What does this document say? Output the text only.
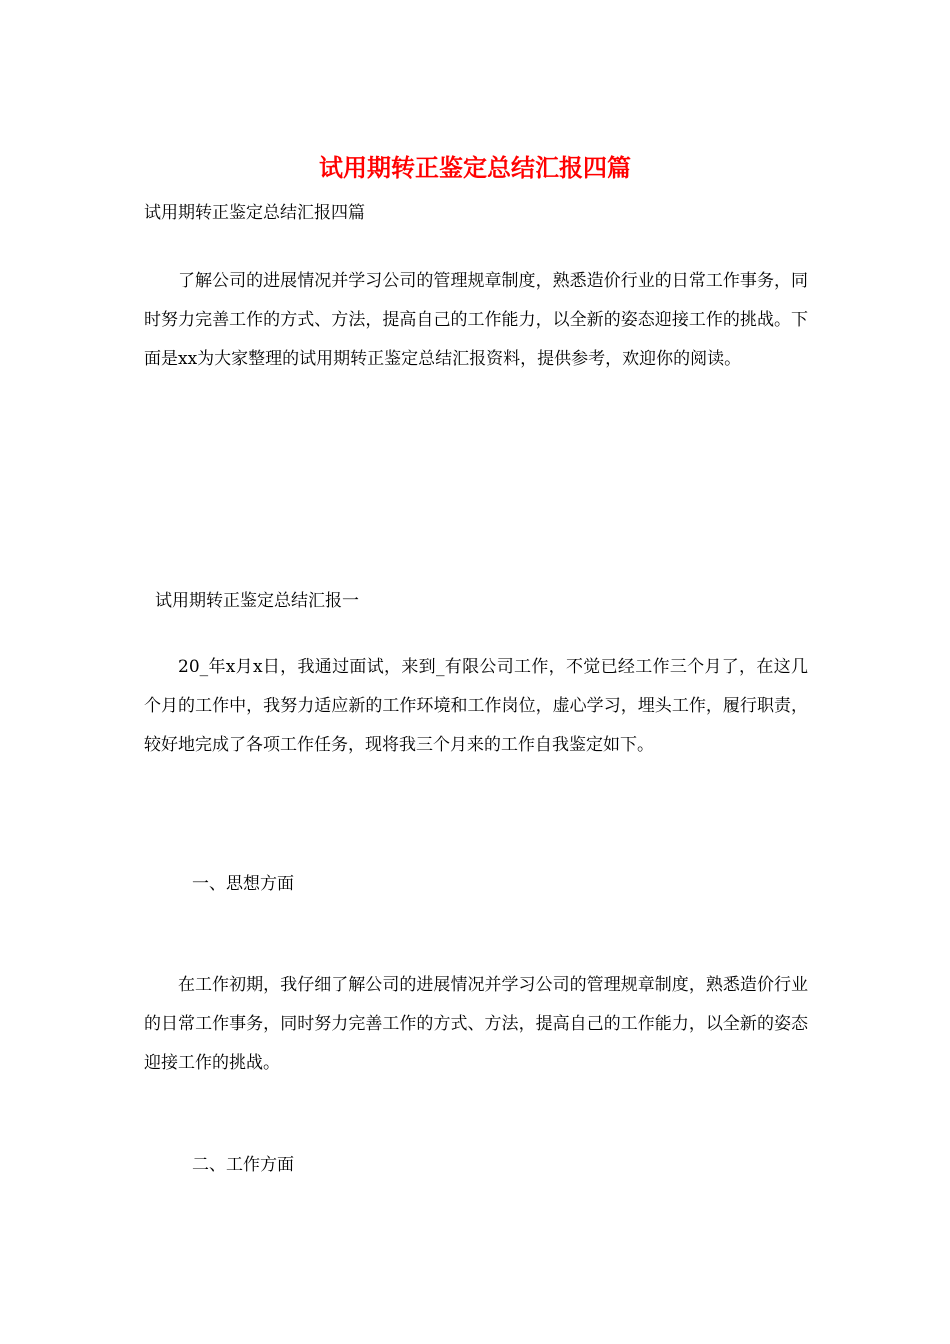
试用期转正鉴定总结汇报四篇

试用期转正鉴定总结汇报四篇

了解公司的进展情况并学习公司的管理规章制度，熟悉造价行业的日常工作事务，同时努力完善工作的方式、方法，提高自己的工作能力，以全新的姿态迎接工作的挑战。下面是xx为大家整理的试用期转正鉴定总结汇报资料，提供参考，欢迎你的阅读。

试用期转正鉴定总结汇报一

20_年x月x日，我通过面试，来到_有限公司工作，不觉已经工作三个月了，在这几个月的工作中，我努力适应新的工作环境和工作岗位，虚心学习，埋头工作，履行职责，较好地完成了各项工作任务，现将我三个月来的工作自我鉴定如下。

一、思想方面

在工作初期，我仔细了解公司的进展情况并学习公司的管理规章制度，熟悉造价行业的日常工作事务，同时努力完善工作的方式、方法，提高自己的工作能力，以全新的姿态迎接工作的挑战。

二、工作方面
